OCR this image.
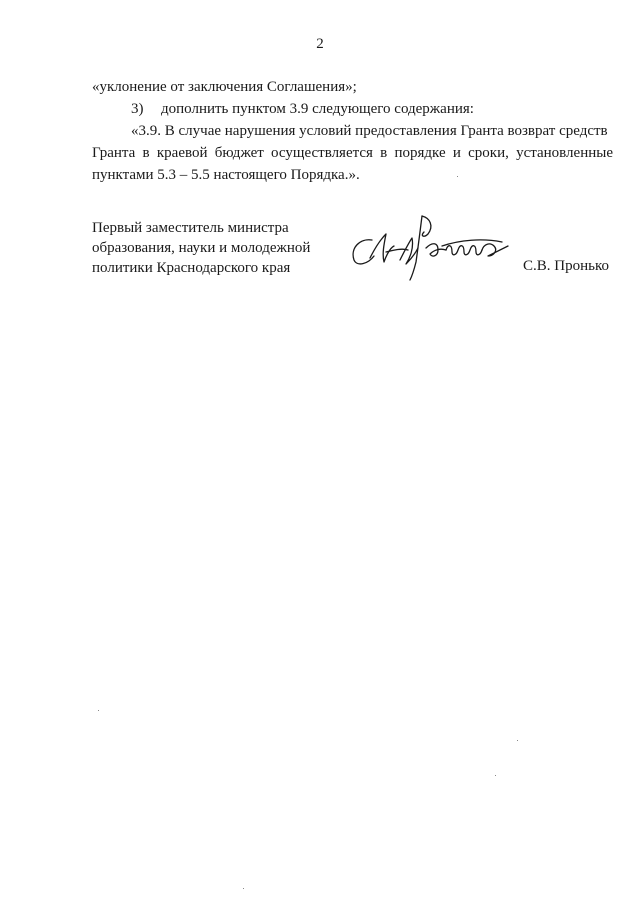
2
«уклонение от заключения Соглашения»;
3) дополнить пунктом 3.9 следующего содержания:
«3.9. В случае нарушения условий предоставления Гранта возврат средств
Гранта в краевой бюджет осуществляется в порядке и сроки, установленные
пунктами 5.3 – 5.5 настоящего Порядка.».
Первый заместитель министра
образования, науки и молодежной
политики Краснодарского края	С.В. Пронько
